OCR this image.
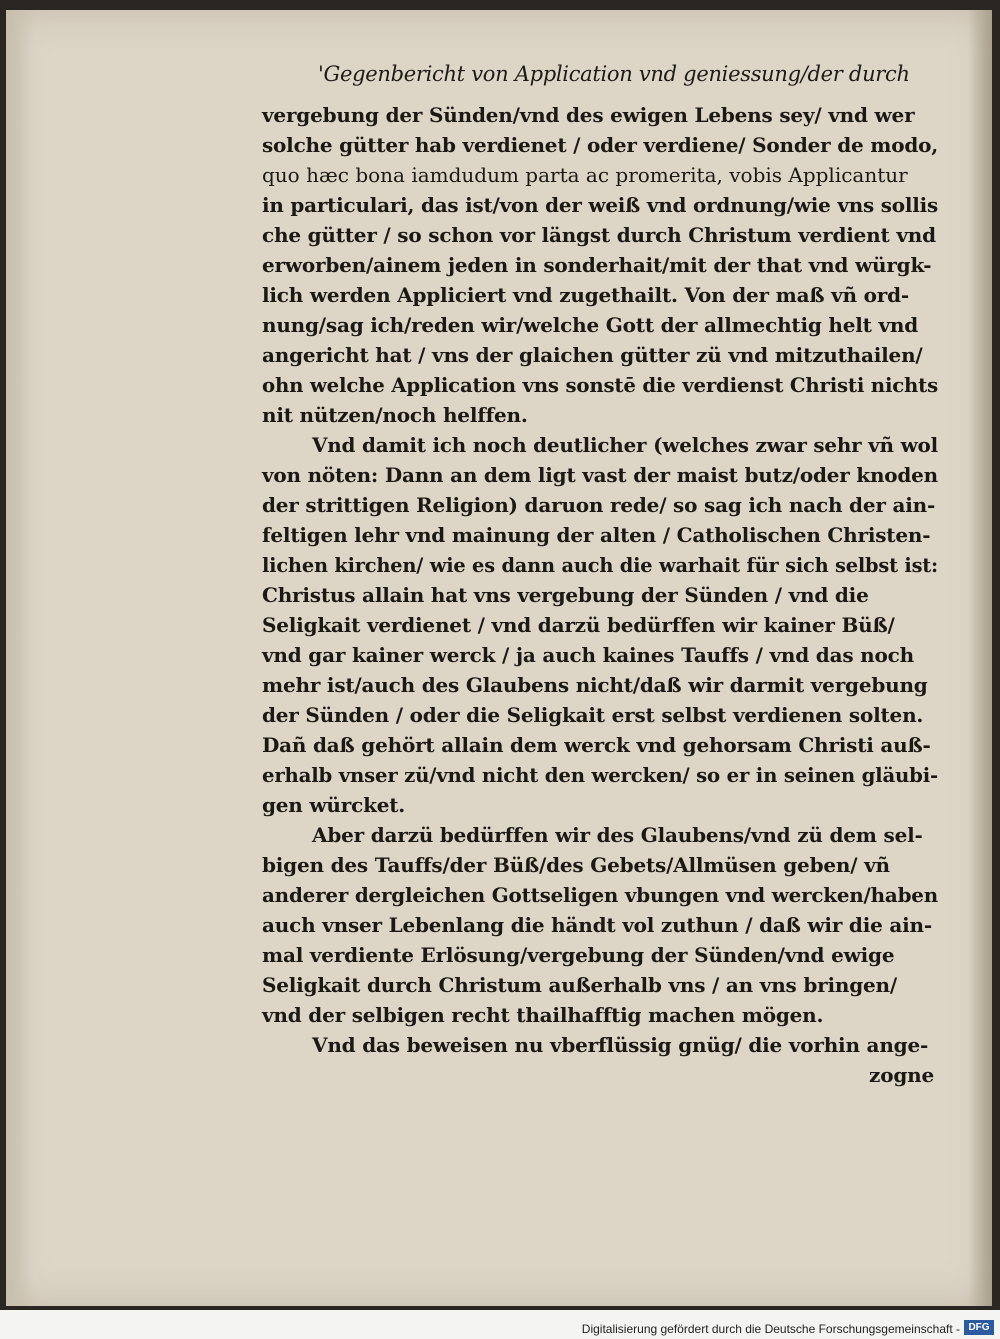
'Gegenbericht von Application vnd geniessung/der durch
vergebung der Sünden/vnd des ewigen Lebens sey/ vnd wer
solche gütter hab verdienet / oder verdiene/ Sonder de modo,
quo hæc bona iamdudum parta ac promerita, vobis Applicantur
in particulari, das ist/von der weiß vnd ordnung/wie vns sollis
che gütter / so schon vor längst durch Christum verdient vnd
erworben/ainem jeden in sonderhait/mit der that vnd würgk-
lich werden Appliciert vnd zugethailt. Von der maß vñ ord-
nung/sag ich/reden wir/welche Gott der allmechtig helt vnd
angericht hat / vns der glaichen gütter zü vnd mitzuthailen/
ohn welche Application vns sonstē die verdienst Christi nichts
nit nützen/noch helffen.
Vnd damit ich noch deutlicher (welches zwar sehr vñ wol
von nöten: Dann an dem ligt vast der maist butz/oder knoden
der strittigen Religion) daruon rede/ so sag ich nach der ain-
feltigen lehr vnd mainung der alten / Catholischen Christen-
lichen kirchen/ wie es dann auch die warhait für sich selbst ist:
Christus allain hat vns vergebung der Sünden / vnd die
Seligkait verdienet / vnd darzü bedürffen wir kainer Büß/
vnd gar kainer werck / ja auch kaines Tauffs / vnd das noch
mehr ist/auch des Glaubens nicht/daß wir darmit vergebung
der Sünden / oder die Seligkait erst selbst verdienen solten.
Dañ daß gehört allain dem werck vnd gehorsam Christi auß-
erhalb vnser zü/vnd nicht den wercken/ so er in seinen gläubi-
gen würcket.
Aber darzü bedürffen wir des Glaubens/vnd zü dem sel-
bigen des Tauffs/der Büß/des Gebets/Allmüsen geben/ vñ
anderer dergleichen Gottseligen vbungen vnd wercken/haben
auch vnser Lebenlang die händt vol zuthun / daß wir die ain-
mal verdiente Erlösung/vergebung der Sünden/vnd ewige
Seligkait durch Christum außerhalb vns / an vns bringen/
vnd der selbigen recht thailhafftig machen mögen.
Vnd das beweisen nu vberflüssig gnüg/ die vorhin ange-
zogne
Digitalisierung gefördert durch die Deutsche Forschungsgemeinschaft - DFG
